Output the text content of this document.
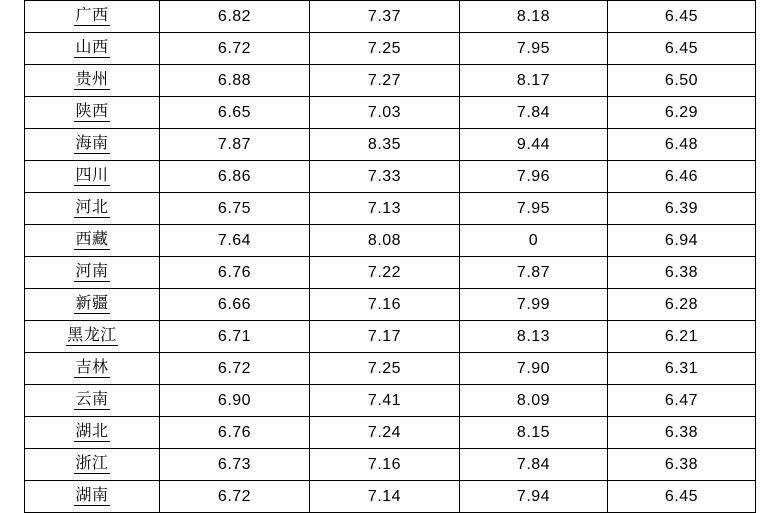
广西	6.82	7.37	8.18	6.45
山西	6.72	7.25	7.95	6.45
贵州	6.88	7.27	8.17	6.50
陕西	6.65	7.03	7.84	6.29
海南	7.87	8.35	9.44	6.48
四川	6.86	7.33	7.96	6.46
河北	6.75	7.13	7.95	6.39
西藏	7.64	8.08	0	6.94
河南	6.76	7.22	7.87	6.38
新疆	6.66	7.16	7.99	6.28
黑龙江	6.71	7.17	8.13	6.21
吉林	6.72	7.25	7.90	6.31
云南	6.90	7.41	8.09	6.47
湖北	6.76	7.24	8.15	6.38
浙江	6.73	7.16	7.84	6.38
湖南	6.72	7.14	7.94	6.45
